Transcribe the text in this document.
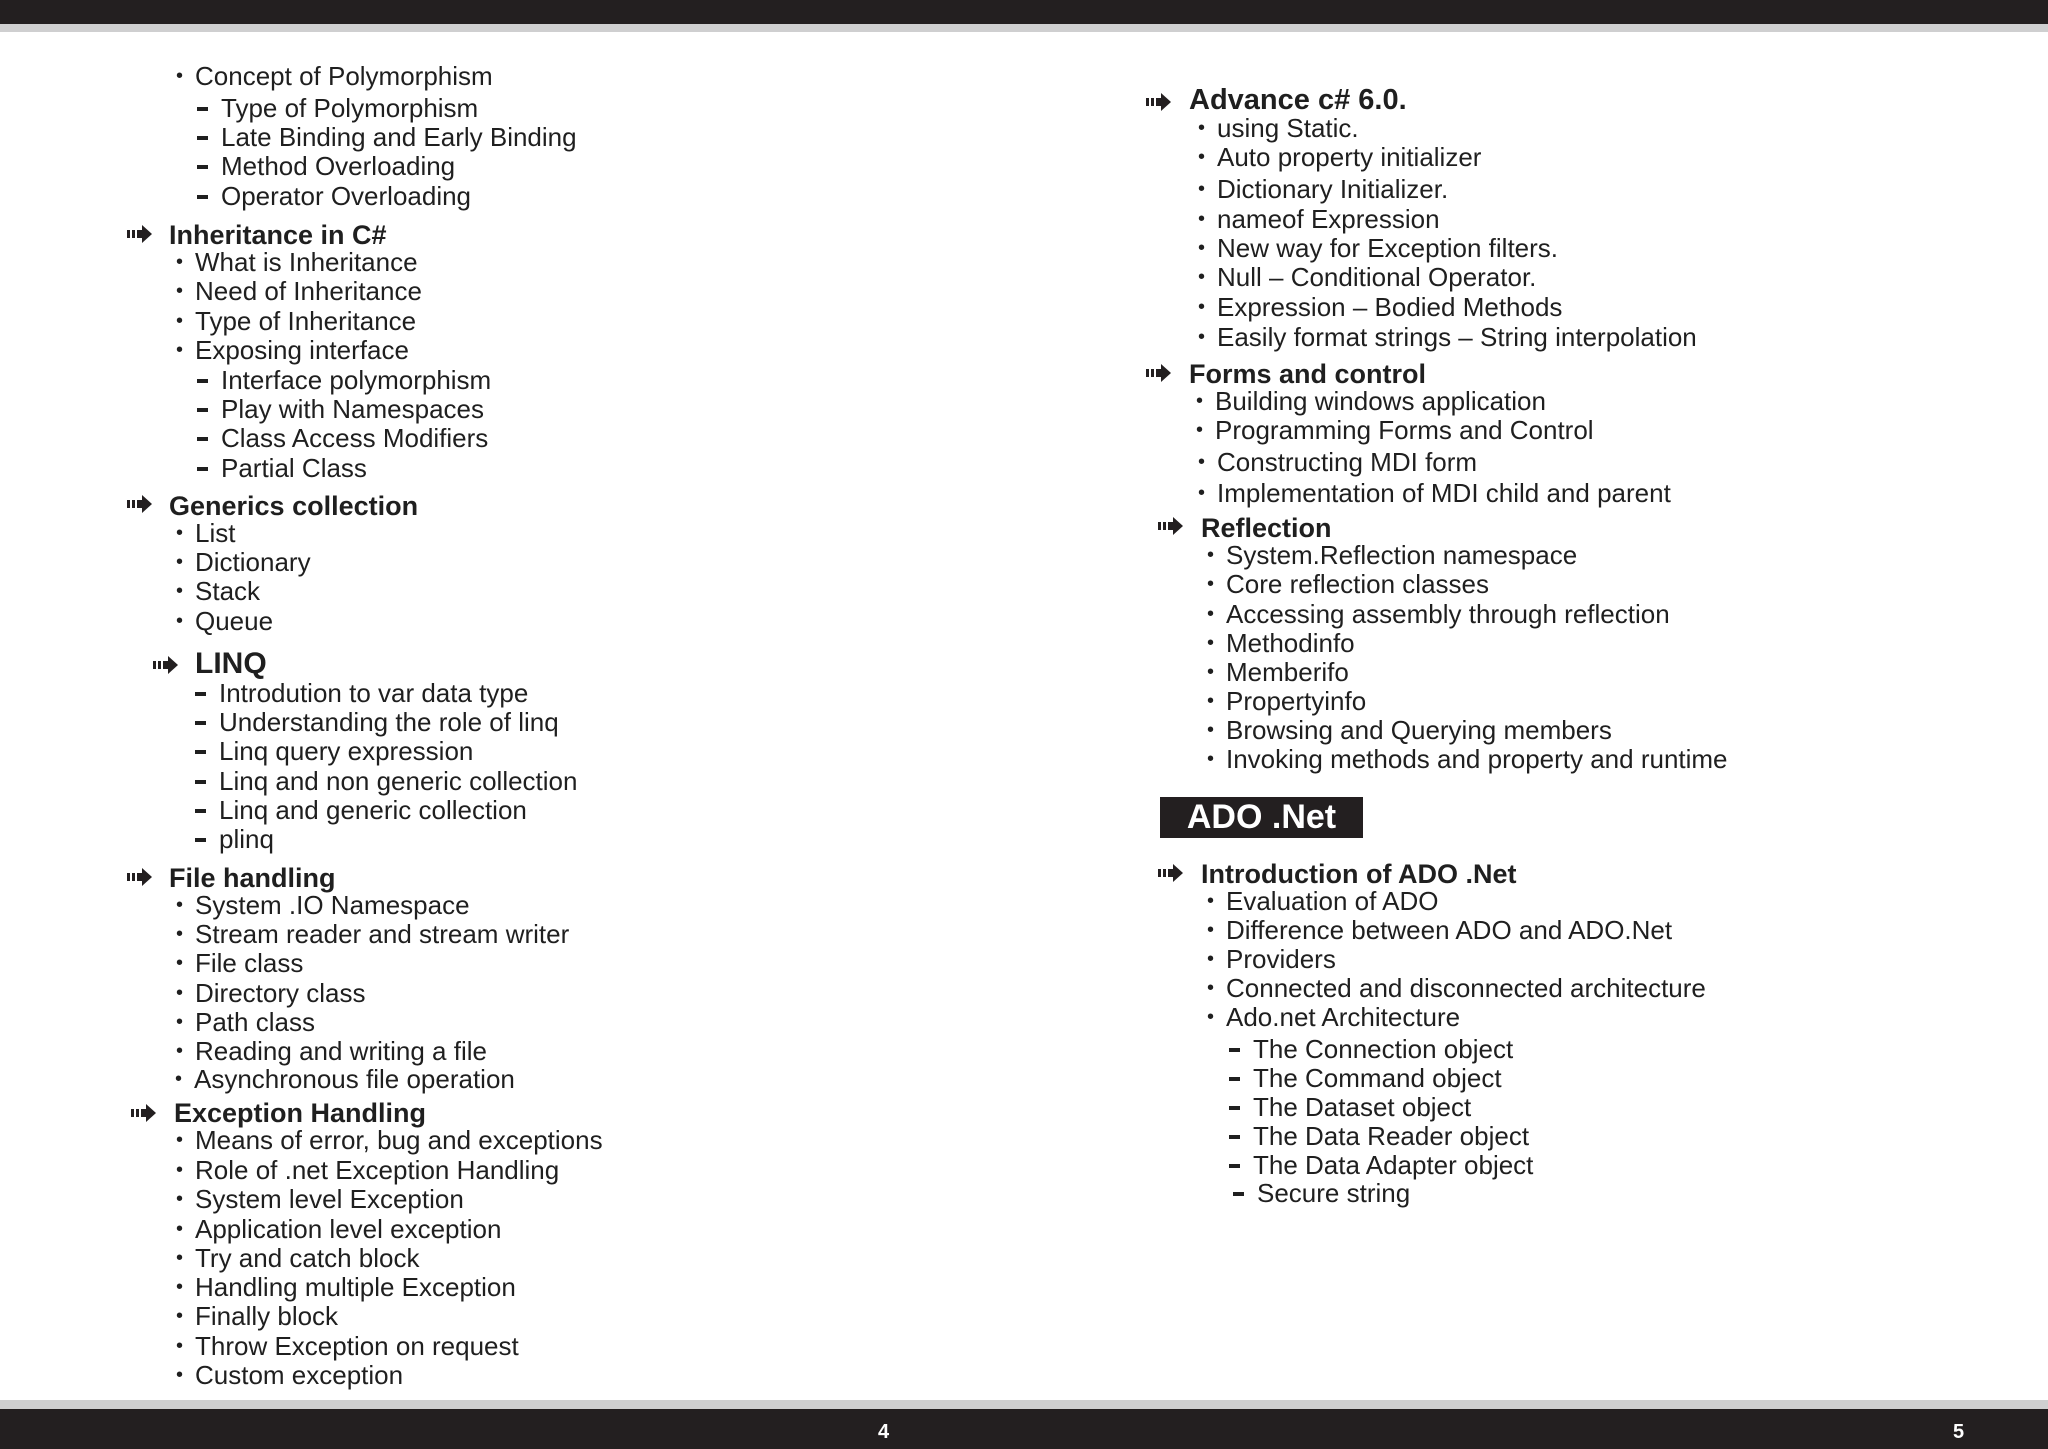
• Concept of Polymorphism
Type of Polymorphism
Late Binding and Early Binding
Method Overloading
Operator Overloading
Inheritance in C#
• What is Inheritance
• Need of Inheritance
• Type of Inheritance
• Exposing interface
Interface polymorphism
Play with Namespaces
Class Access Modifiers
Partial Class
Generics collection
• List
• Dictionary
• Stack
• Queue
LINQ
Introdution to var data type
Understanding the role of linq
Linq query expression
Linq and non generic collection
Linq and generic collection
plinq
File handling
• System .IO Namespace
• Stream reader and stream writer
• File class
• Directory class
• Path class
• Reading and writing a file
• Asynchronous file operation
Exception Handling
• Means of error, bug and exceptions
• Role of .net Exception Handling
• System level Exception
• Application level exception
• Try and catch block
• Handling multiple Exception
• Finally block
• Throw Exception on request
• Custom exception
Advance c# 6.0.
• using Static.
• Auto property initializer
• Dictionary Initializer.
• nameof Expression
• New way for Exception filters.
• Null – Conditional Operator.
• Expression – Bodied Methods
• Easily format strings – String interpolation
Forms and control
• Building windows application
• Programming Forms and Control
• Constructing MDI form
• Implementation of MDI child and parent
Reflection
• System.Reflection namespace
• Core reflection classes
• Accessing assembly through reflection
• Methodinfo
• Memberifo
• Propertyinfo
• Browsing and Querying members
• Invoking methods and property and runtime
ADO .Net
Introduction of ADO .Net
• Evaluation of ADO
• Difference between ADO and ADO.Net
• Providers
• Connected and disconnected architecture
• Ado.net Architecture
The Connection object
The Command object
The Dataset object
The Data Reader object
The Data Adapter object
Secure string
4	5
